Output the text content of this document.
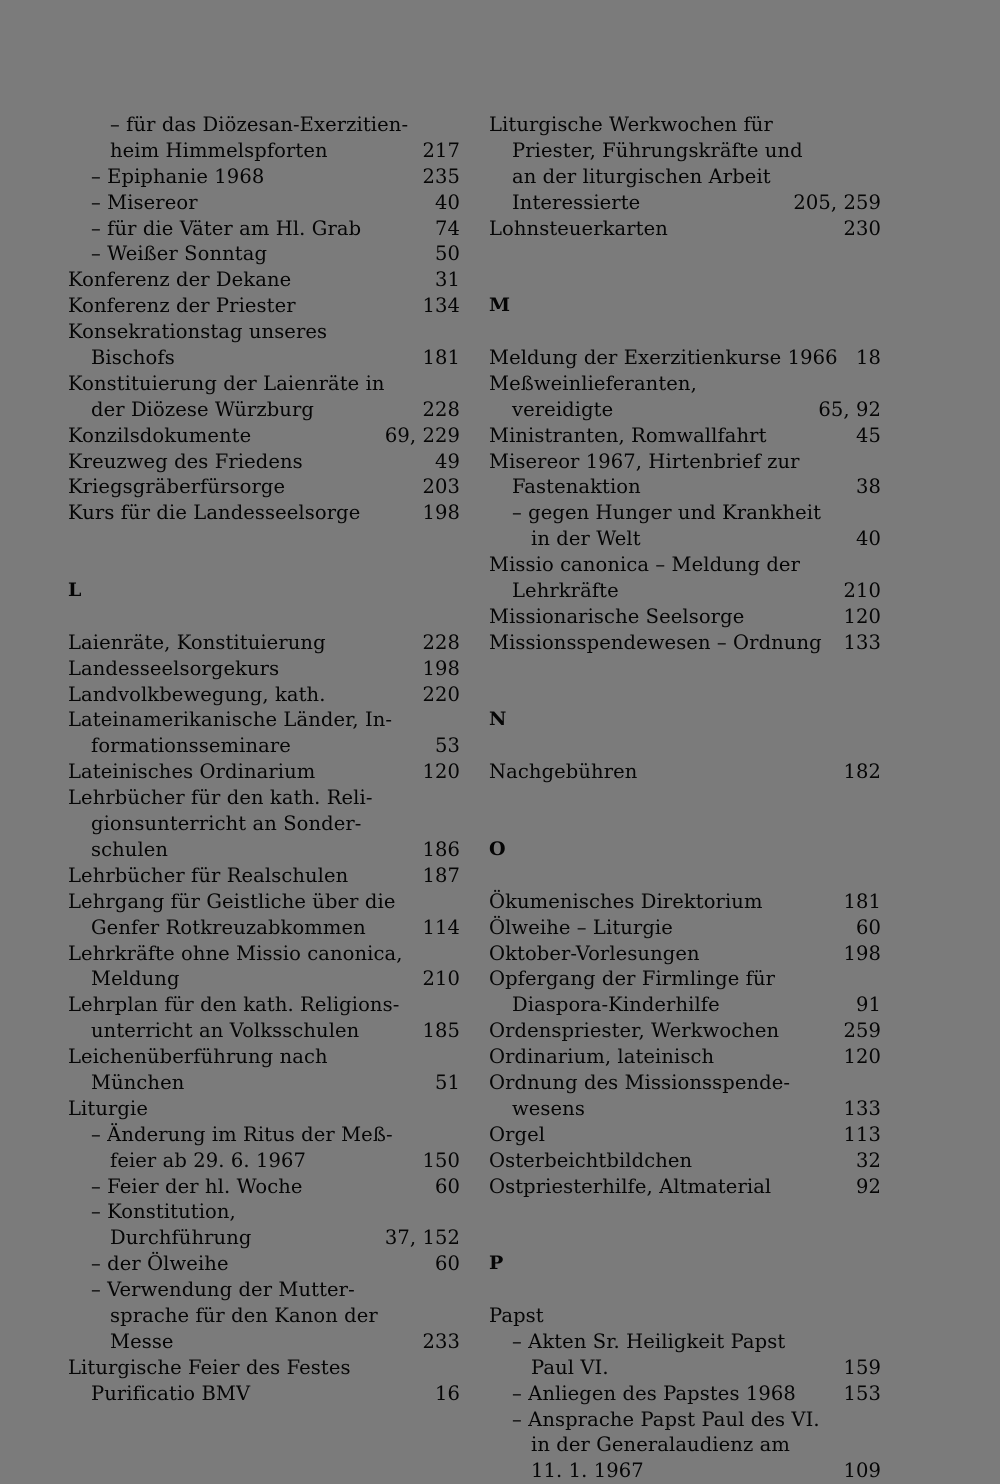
– für das Diözesan-Exerzitien-
heim Himmelspforten	217
– Epiphanie 1968	235
– Misereor	40
– für die Väter am Hl. Grab	74
– Weißer Sonntag	50
Konferenz der Dekane	31
Konferenz der Priester	134
Konsekrationstag unseres
Bischofs	181
Konstituierung der Laienräte in
der Diözese Würzburg	228
Konzilsdokumente	69, 229
Kreuzweg des Friedens	49
Kriegsgräberfürsorge	203
Kurs für die Landesseelsorge	198
L
Laienräte, Konstituierung	228
Landesseelsorgekurs	198
Landvolkbewegung, kath.	220
Lateinamerikanische Länder, In-
formationsseminare	53
Lateinisches Ordinarium	120
Lehrbücher für den kath. Reli-
gionsunterricht an Sonder-
schulen	186
Lehrbücher für Realschulen	187
Lehrgang für Geistliche über die
Genfer Rotkreuzabkommen	114
Lehrkräfte ohne Missio canonica,
Meldung	210
Lehrplan für den kath. Religions-
unterricht an Volksschulen	185
Leichenüberführung nach
München	51
Liturgie
– Änderung im Ritus der Meß-
feier ab 29. 6. 1967	150
– Feier der hl. Woche	60
– Konstitution,
Durchführung	37, 152
– der Ölweihe	60
– Verwendung der Mutter-
sprache für den Kanon der
Messe	233
Liturgische Feier des Festes
Purificatio BMV	16
Liturgische Werkwochen für
Priester, Führungskräfte und
an der liturgischen Arbeit
Interessierte	205, 259
Lohnsteuerkarten	230
M
Meldung der Exerzitienkurse 1966 18
Meßweinlieferanten,
vereidigte	65, 92
Ministranten, Romwallfahrt	45
Misereor 1967, Hirtenbrief zur
Fastenaktion	38
– gegen Hunger und Krankheit
in der Welt	40
Missio canonica – Meldung der
Lehrkräfte	210
Missionarische Seelsorge	120
Missionsspendewesen – Ordnung 133
N
Nachgebühren	182
O
Ökumenisches Direktorium	181
Ölweihe – Liturgie	60
Oktober-Vorlesungen	198
Opfergang der Firmlinge für
Diaspora-Kinderhilfe	91
Ordenspriester, Werkwochen	259
Ordinarium, lateinisch	120
Ordnung des Missionsspende-
wesens	133
Orgel	113
Osterbeichtbildchen	32
Ostpriesterhilfe, Altmaterial	92
P
Papst
– Akten Sr. Heiligkeit Papst
Paul VI.	159
– Anliegen des Papstes 1968 153
– Ansprache Papst Paul des VI.
in der Generalaudienz am
11. 1. 1967	109
